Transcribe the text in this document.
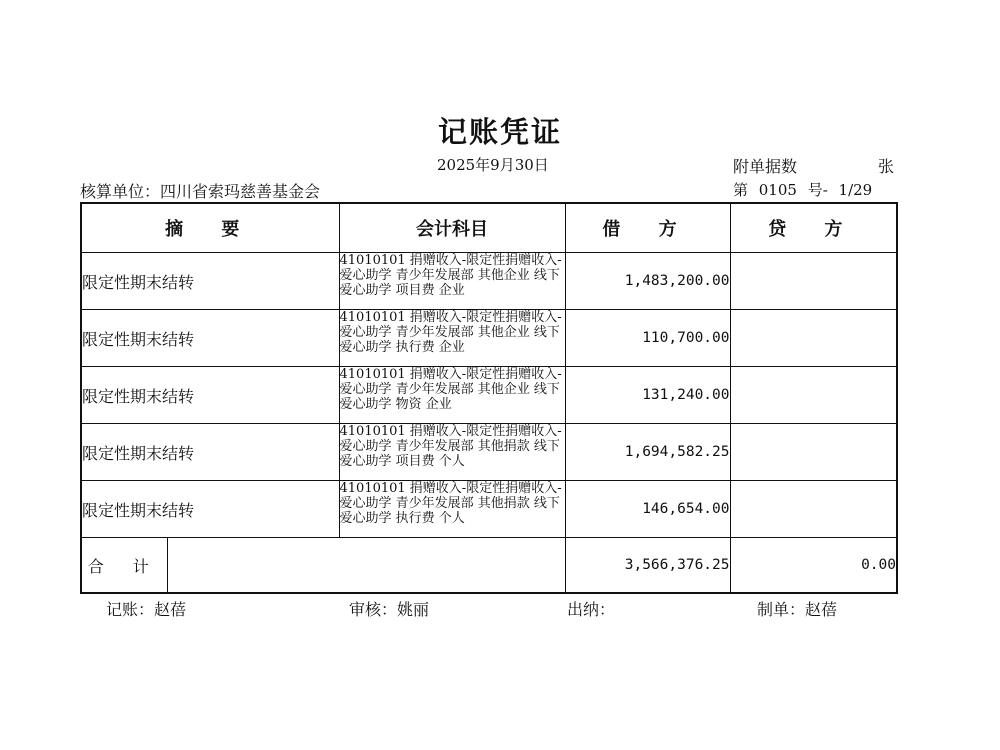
记账凭证
2025年9月30日	附单据数	张
核算单位：四川省索玛慈善基金会	第 0105 号- 1/29
摘 要		会计科目	借 方	贷 方
限定性期末结转		41010101 捐赠收入-限定性捐赠收入-爱心助学 青少年发展部 其他企业 线下爱心助学 项目费 企业	1,483,200.00	
限定性期末结转		41010101 捐赠收入-限定性捐赠收入-爱心助学 青少年发展部 其他企业 线下爱心助学 执行费 企业	110,700.00	
限定性期末结转		41010101 捐赠收入-限定性捐赠收入-爱心助学 青少年发展部 其他企业 线下爱心助学 物资 企业	131,240.00	
限定性期末结转		41010101 捐赠收入-限定性捐赠收入-爱心助学 青少年发展部 其他捐款 线下爱心助学 项目费 个人	1,694,582.25	
限定性期末结转		41010101 捐赠收入-限定性捐赠收入-爱心助学 青少年发展部 其他捐款 线下爱心助学 执行费 个人	146,654.00	
合 计			3,566,376.25	0.00
记账：赵蓓	审核：姚丽	出纳：	制单：赵蓓
